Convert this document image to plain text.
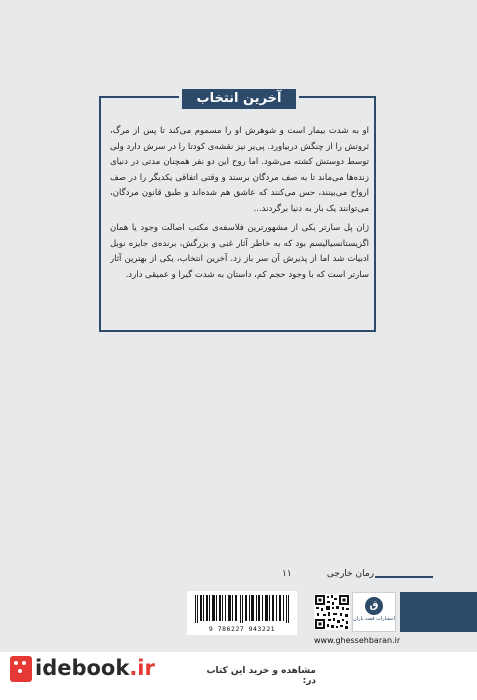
آخرین انتخاب

او به شدت بیمار است و شوهرش او را مسموم می‌کند تا پس از مرگ، ثروتش را از چنگش دربیاورد. پی‌یر نیز نقشه‌ی کودتا را در سرش دارد ولی توسط دوستش کشته می‌شود. اما روح این دو نفر همچنان مدتی در دنیای زنده‌ها می‌ماند تا به صف مردگان برسند و وقتی اتفاقی یکدیگر را در صف ارواح می‌بینند، حس می‌کنند که عاشق هم شده‌اند و طبق قانون مردگان، می‌توانند یک بار به دنیا برگردند...

ژان پل سارتر یکی از مشهورترین فلاسفه‌ی مکتب اصالت وجود یا همان اگزیستانسیالیسم بود که به خاطر آثار غنی و بزرگش، برنده‌ی جایزه نوبل ادبیات شد اما از پذیرش آن سر باز زد. آخرین انتخاب، یکی از بهترین آثار سارتر است که با وجود حجم کم، داستان به شدت گیرا و عمیقی دارد.

رمان خارجی
۱۱
ق
انتشارات قصه باران
9 786227 943221
www.ghessehbaran.ir
idebook.ir	مشاهده و خرید این کتاب در:
